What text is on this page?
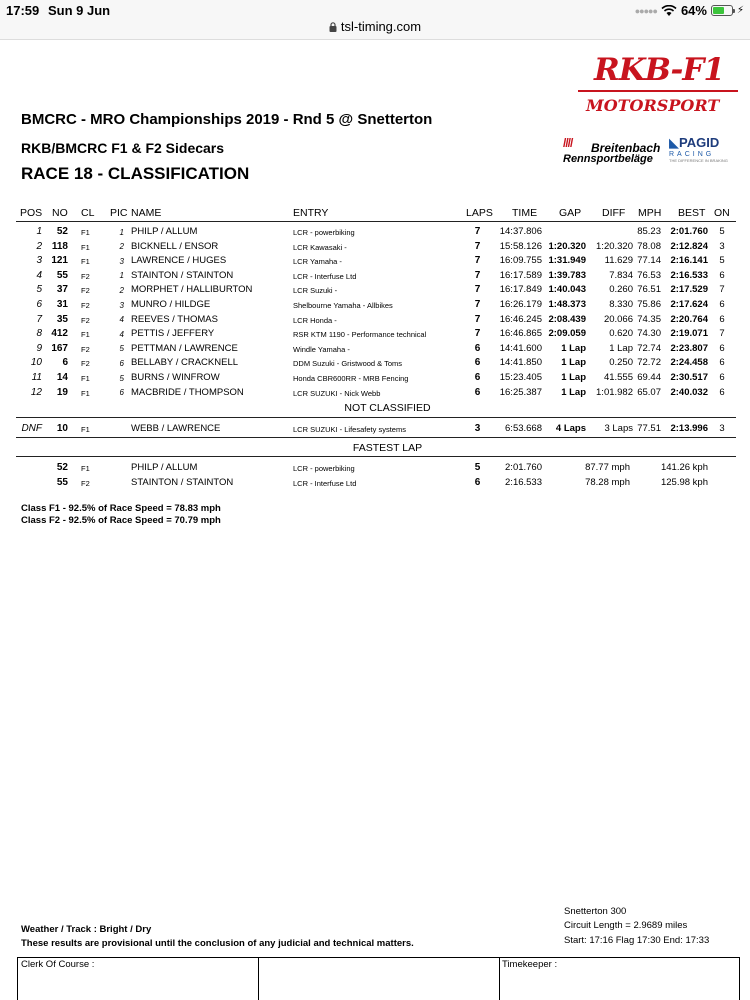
17:59 Sun 9 Jun	●●●●● 64%	⚡
tsl-timing.com
RKB-F1
MOTORSPORT
//// Breitenbach
Rennsportbeläge
◣PAGID
RACING
THE DIFFERENCE IN BRAKING
BMCRC - MRO Championships 2019 - Rnd 5 @ Snetterton
RKB/BMCRC F1 & F2 Sidecars
RACE 18 - CLASSIFICATION
POS NO CL PIC NAME	ENTRY	LAPS TIME GAP DIFF MPH BEST ON
1	52 F1	1 PHILP / ALLUM	LCR - powerbiking	7	14:37.806	85.23 2:01.760	5
2 118 F1	2 BICKNELL / ENSOR	LCR Kawasaki -	7	15:58.126 1:20.320	1:20.320 78.08 2:12.824	3
3 121 F1	3 LAWRENCE / HUGES	LCR Yamaha -	7	16:09.755 1:31.949	11.629 77.14 2:16.141	5
4	55 F2	1 STAINTON / STAINTON	LCR - Interfuse Ltd	7	16:17.589 1:39.783	7.834 76.53 2:16.533	6
5	37 F2	2 MORPHET / HALLIBURTON	LCR Suzuki -	7	16:17.849 1:40.043	0.260 76.51 2:17.529	7
6	31 F2	3 MUNRO / HILDGE	Shelbourne Yamaha - Allbikes	7	16:26.179 1:48.373	8.330 75.86 2:17.624	6
7	35 F2	4 REEVES / THOMAS	LCR Honda -	7	16:46.245 2:08.439	20.066 74.35 2:20.764	6
8 412 F1	4 PETTIS / JEFFERY	RSR KTM 1190 - Performance technical	7	16:46.865 2:09.059	0.620 74.30 2:19.071	7
9 167 F2	5 PETTMAN / LAWRENCE	Windle Yamaha -	6	14:41.600	1 Lap	1 Lap 72.74 2:23.807	6
10	6 F2	6 BELLABY / CRACKNELL	DDM Suzuki - Gristwood & Toms	6	14:41.850	1 Lap	0.250 72.72 2:24.458	6
11	14 F1	5 BURNS / WINFROW	Honda CBR600RR - MRB Fencing	6	15:23.405	1 Lap	41.555 69.44 2:30.517	6
12	19 F1	6 MACBRIDE / THOMPSON	LCR SUZUKI - Nick Webb	6	16:25.387	1 Lap	1:01.982 65.07 2:40.032	6
NOT CLASSIFIED
DNF	10 F1	WEBB / LAWRENCE	LCR SUZUKI - Lifesafety systems	3	6:53.668	4 Laps	3 Laps 77.51 2:13.996	3
FASTEST LAP
52 F1	PHILP / ALLUM	LCR - powerbiking	5	2:01.760	87.77 mph	141.26 kph
55 F2	STAINTON / STAINTON	LCR - Interfuse Ltd	6	2:16.533	78.28 mph	125.98 kph
Class F1 - 92.5% of Race Speed = 78.83 mph
Class F2 - 92.5% of Race Speed = 70.79 mph
Snetterton 300
Circuit Length = 2.9689 miles
Start: 17:16 Flag 17:30 End: 17:33
Weather / Track : Bright / Dry
These results are provisional until the conclusion of any judicial and technical matters.
Clerk Of Course :	Timekeeper :
